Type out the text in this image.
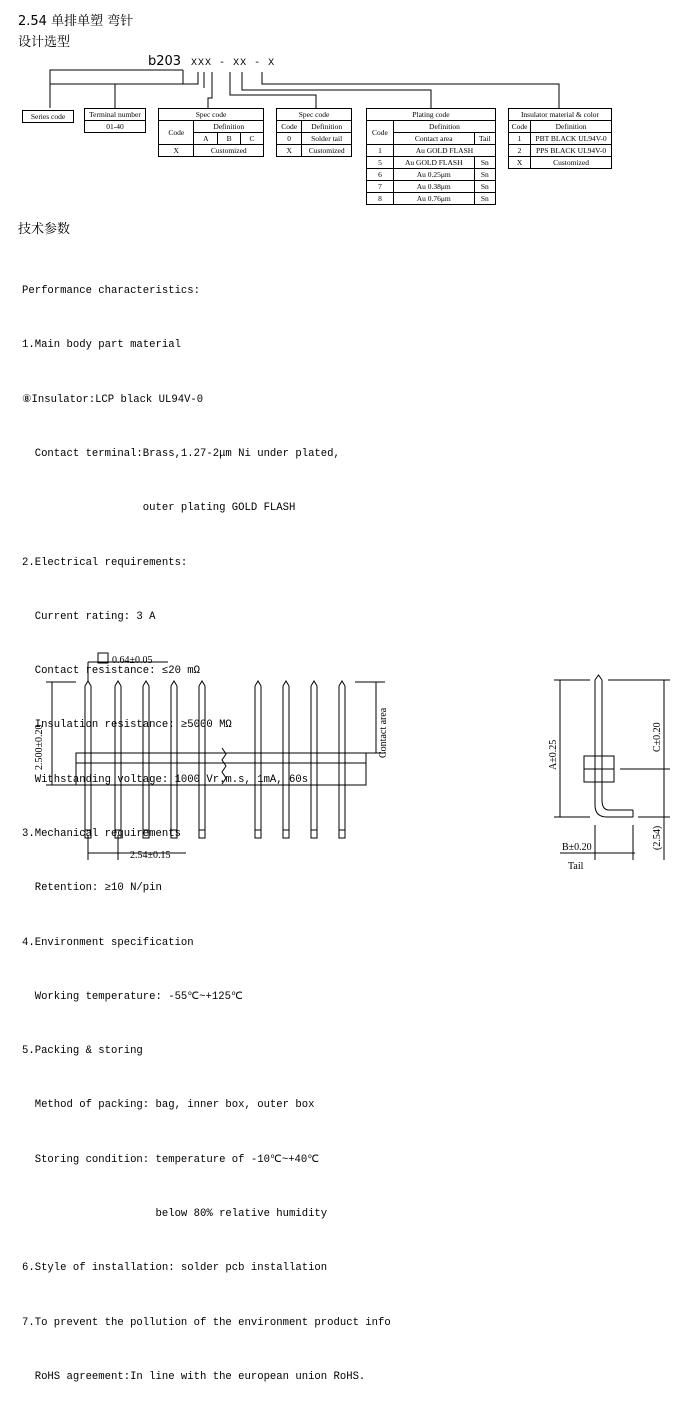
2.54 单排单塑 弯针
设计选型
b203 XXX - XX - X
Series code	Terminal number
01-40
Spec code			
Code	Definition		
	A	B	C
X	Customized		
Spec code	
Code	Definition
0	Solder tail
X	Customized
Plating code		
Code	Definition	
	Contact area	Tail
1	Au GOLD FLASH	
5	Au GOLD FLASH	Sn
6	Au 0.25μm	Sn
7	Au 0.38μm	Sn
8	Au 0.76μm	Sn
Insulator material & color	
Code	Definition
1	PBT BLACK UL94V-0
2	PPS BLACK UL94V-0
X	Customized
技术参数

Performance characteristics:

1.Main body part material

⑧Insulator:LCP black UL94V-0

Contact terminal:Brass,1.27-2μm Ni under plated,

outer plating GOLD FLASH

2.Electrical requirements:

Current rating: 3 A

Contact resistance: ≤20 mΩ

Insulation resistance: ≥5000 MΩ

Withstanding voltage: 1000 Vr.m.s, 1mA, 60s

3.Mechanical requirements

Retention: ≥10 N/pin

4.Environment specification

Working temperature: -55℃~+125℃

5.Packing & storing

Method of packing: bag, inner box, outer box

Storing condition: temperature of -10℃~+40℃

below 80% relative humidity

6.Style of installation: solder pcb installation

7.To prevent the pollution of the environment product info

RoHS agreement:In line with the european union RoHS.

0.64±0.05
2.500±0.20
2.54±0.15
Contact area	A±0.25
C±0.20
(2.54)
B±0.20
Tail
